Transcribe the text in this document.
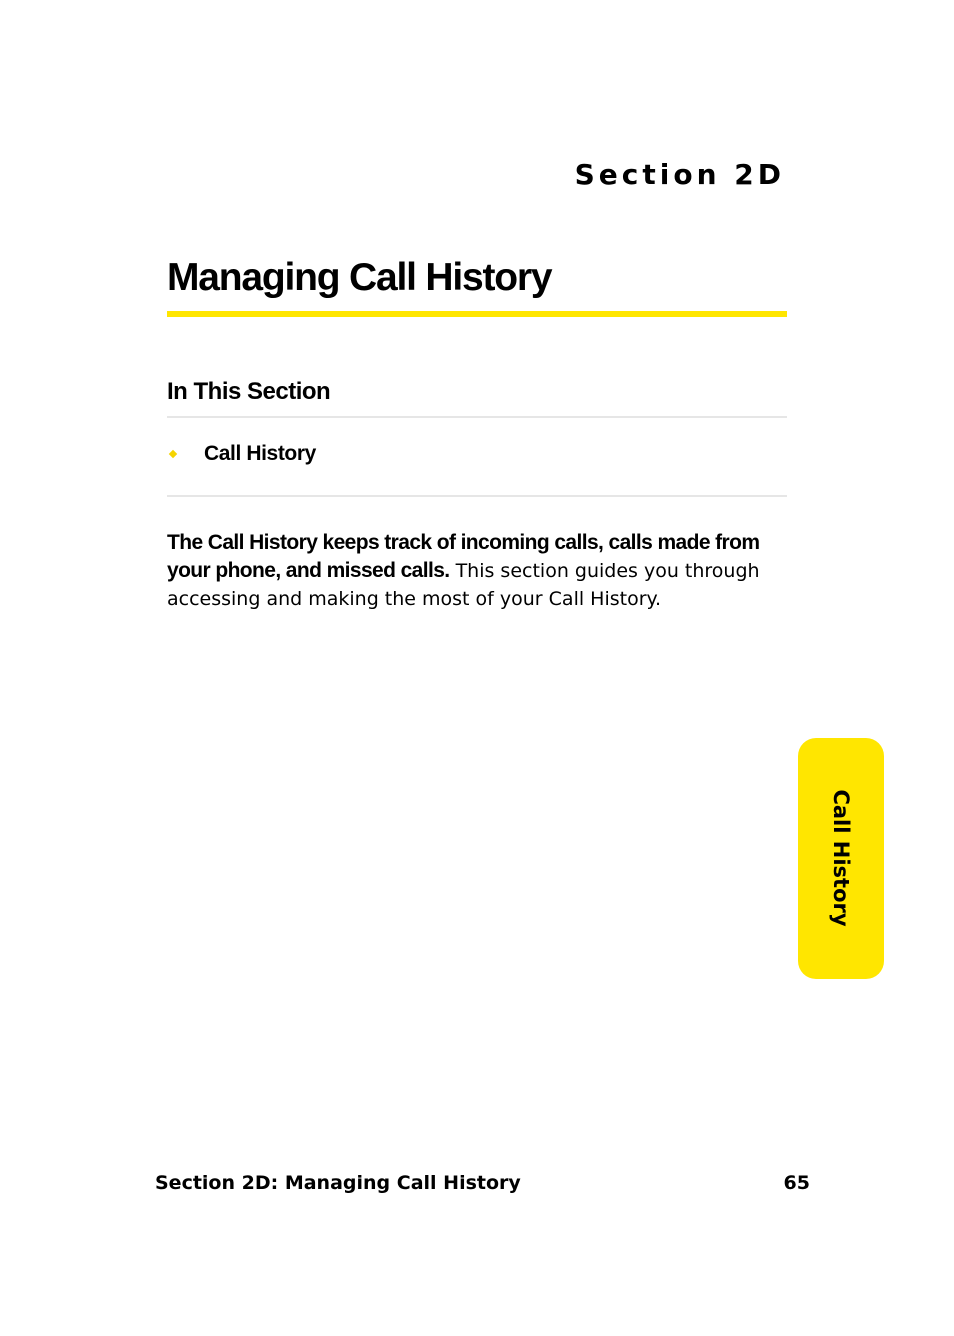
Section 2D
Managing Call History
In This Section
Call History

The Call History keeps track of incoming calls, calls made from your phone, and missed calls. This section guides you through accessing and making the most of your Call History.

Call History
Section 2D: Managing Call History	65
